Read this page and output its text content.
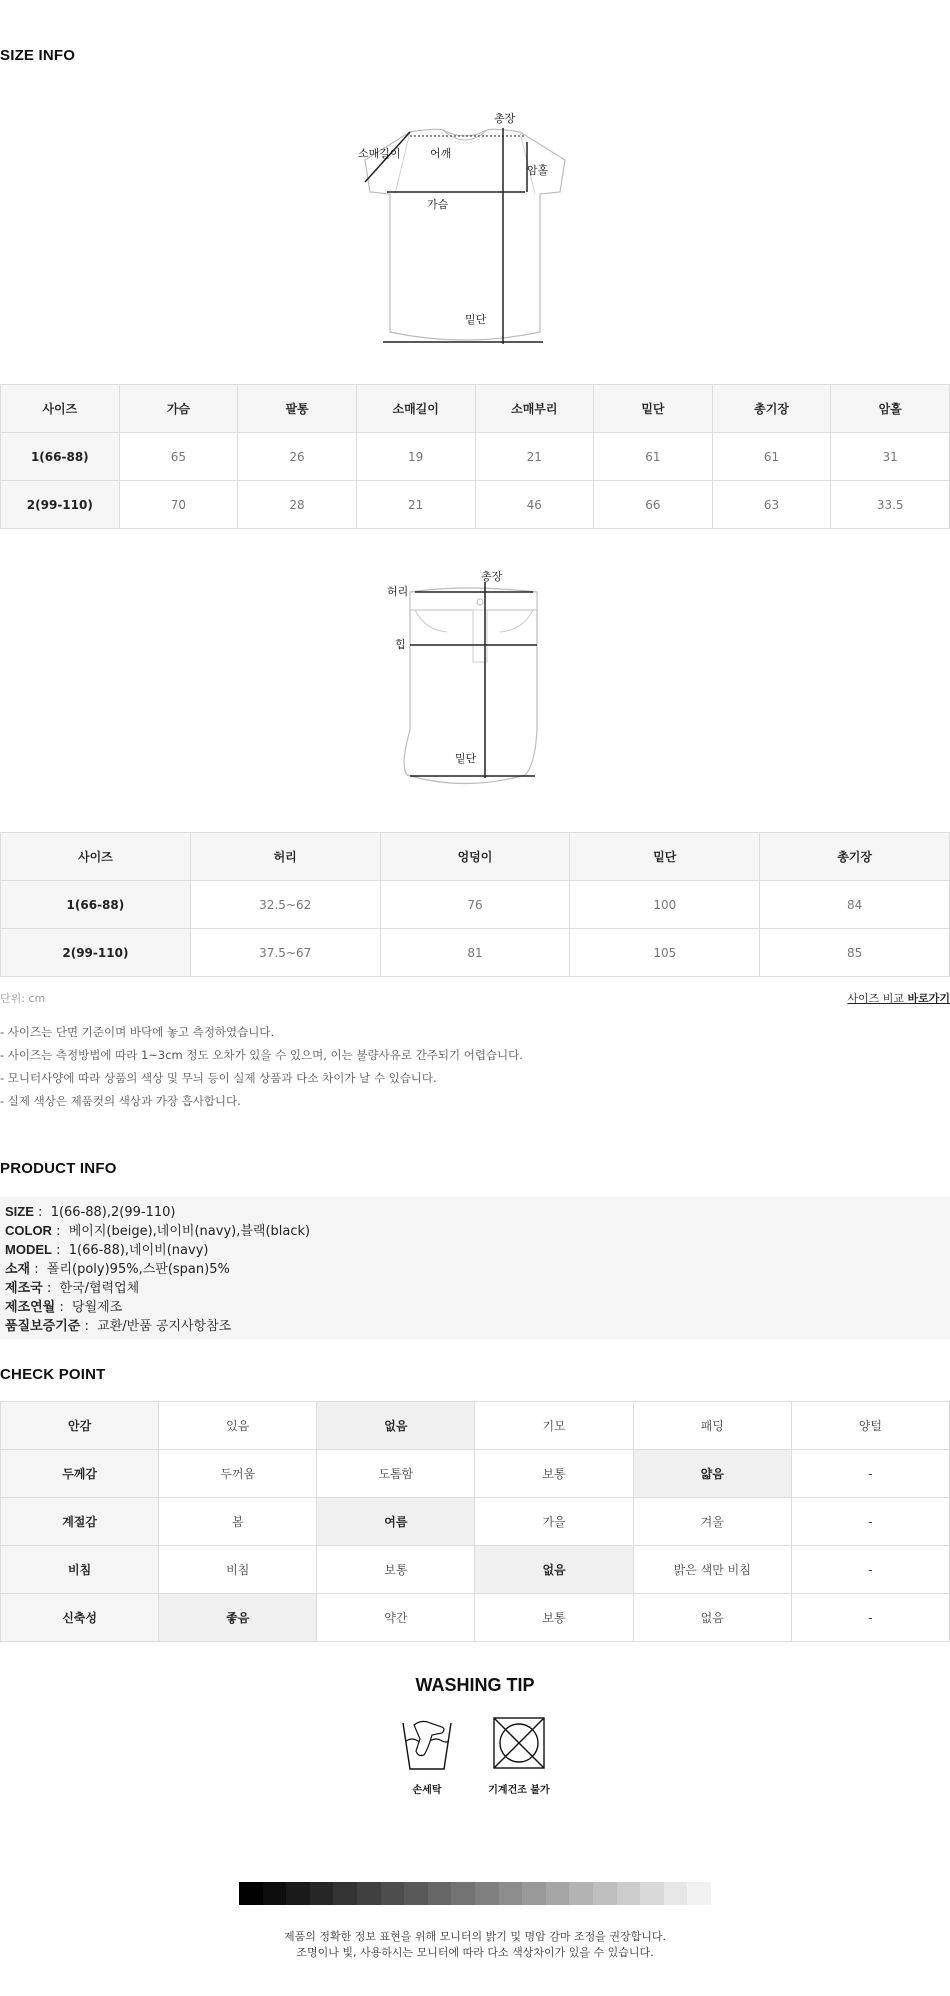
SIZE INFO
총장
소매길이	어깨
암홀
가슴
밑단
사이즈	가슴	팔통	소매길이	소매부리	밑단	총기장	암홀
1(66-88)	65	26	19	21	61	61	31
2(99-110)	70	28	21	46	66	63	33.5
총장
허리
힙
밑단
사이즈	허리	엉덩이	밑단	총기장
1(66-88)	32.5~62	76	100	84
2(99-110)	37.5~67	81	105	85
단위: cm	사이즈 비교 바로가기
- 사이즈는 단면 기준이며 바닥에 놓고 측정하였습니다.
- 사이즈는 측정방법에 따라 1~3cm 정도 오차가 있을 수 있으며, 이는 불량사유로 간주되기 어렵습니다.
- 모니터사양에 따라 상품의 색상 및 무늬 등이 실제 상품과 다소 차이가 날 수 있습니다.
- 실제 색상은 제품컷의 색상과 가장 흡사합니다.
PRODUCT INFO
SIZE :  1(66-88),2(99-110)
COLOR :  베이지(beige),네이비(navy),블랙(black)
MODEL :  1(66-88),네이비(navy)
소재 :  폴리(poly)95%,스판(span)5%
제조국 :  한국/협력업체
제조연월 :  당월제조
품질보증기준 :  교환/반품 공지사항참조
CHECK POINT
안감	있음	없음	기모	패딩	양털
두께감	두꺼움	도톰함	보통	얇음	-
계절감	봄	여름	가을	겨울	-
비침	비침	보통	없음	밝은 색만 비침	-
신축성	좋음	약간	보통	없음	-
WASHING TIP
손세탁	기계건조 불가
제품의 정확한 정보 표현을 위해 모니터의 밝기 및 명암 감마 조정을 권장합니다.
조명이나 빛, 사용하시는 모니터에 따라 다소 색상차이가 있을 수 있습니다.
